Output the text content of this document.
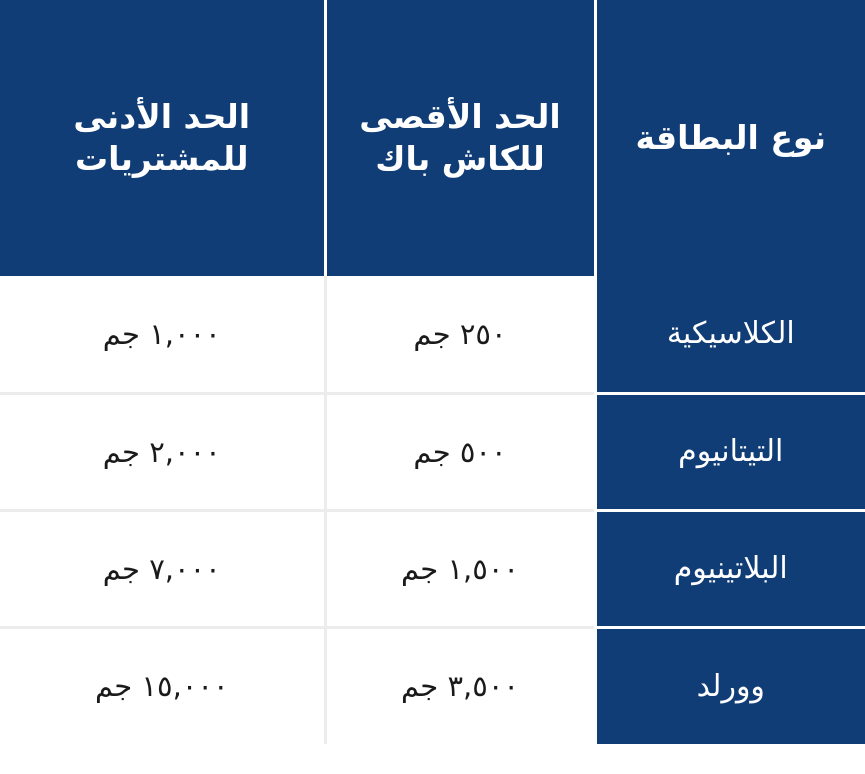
نوع البطاقة	الحد الأقصى للكاش باك	الحد الأدنى للمشتريات
الكلاسيكية	٢٥٠ جم	١,٠٠٠ جم
التيتانيوم	٥٠٠ جم	٢,٠٠٠ جم
البلاتينيوم	١,٥٠٠ جم	٧,٠٠٠ جم
وورلد	٣,٥٠٠ جم	١٥,٠٠٠ جم
